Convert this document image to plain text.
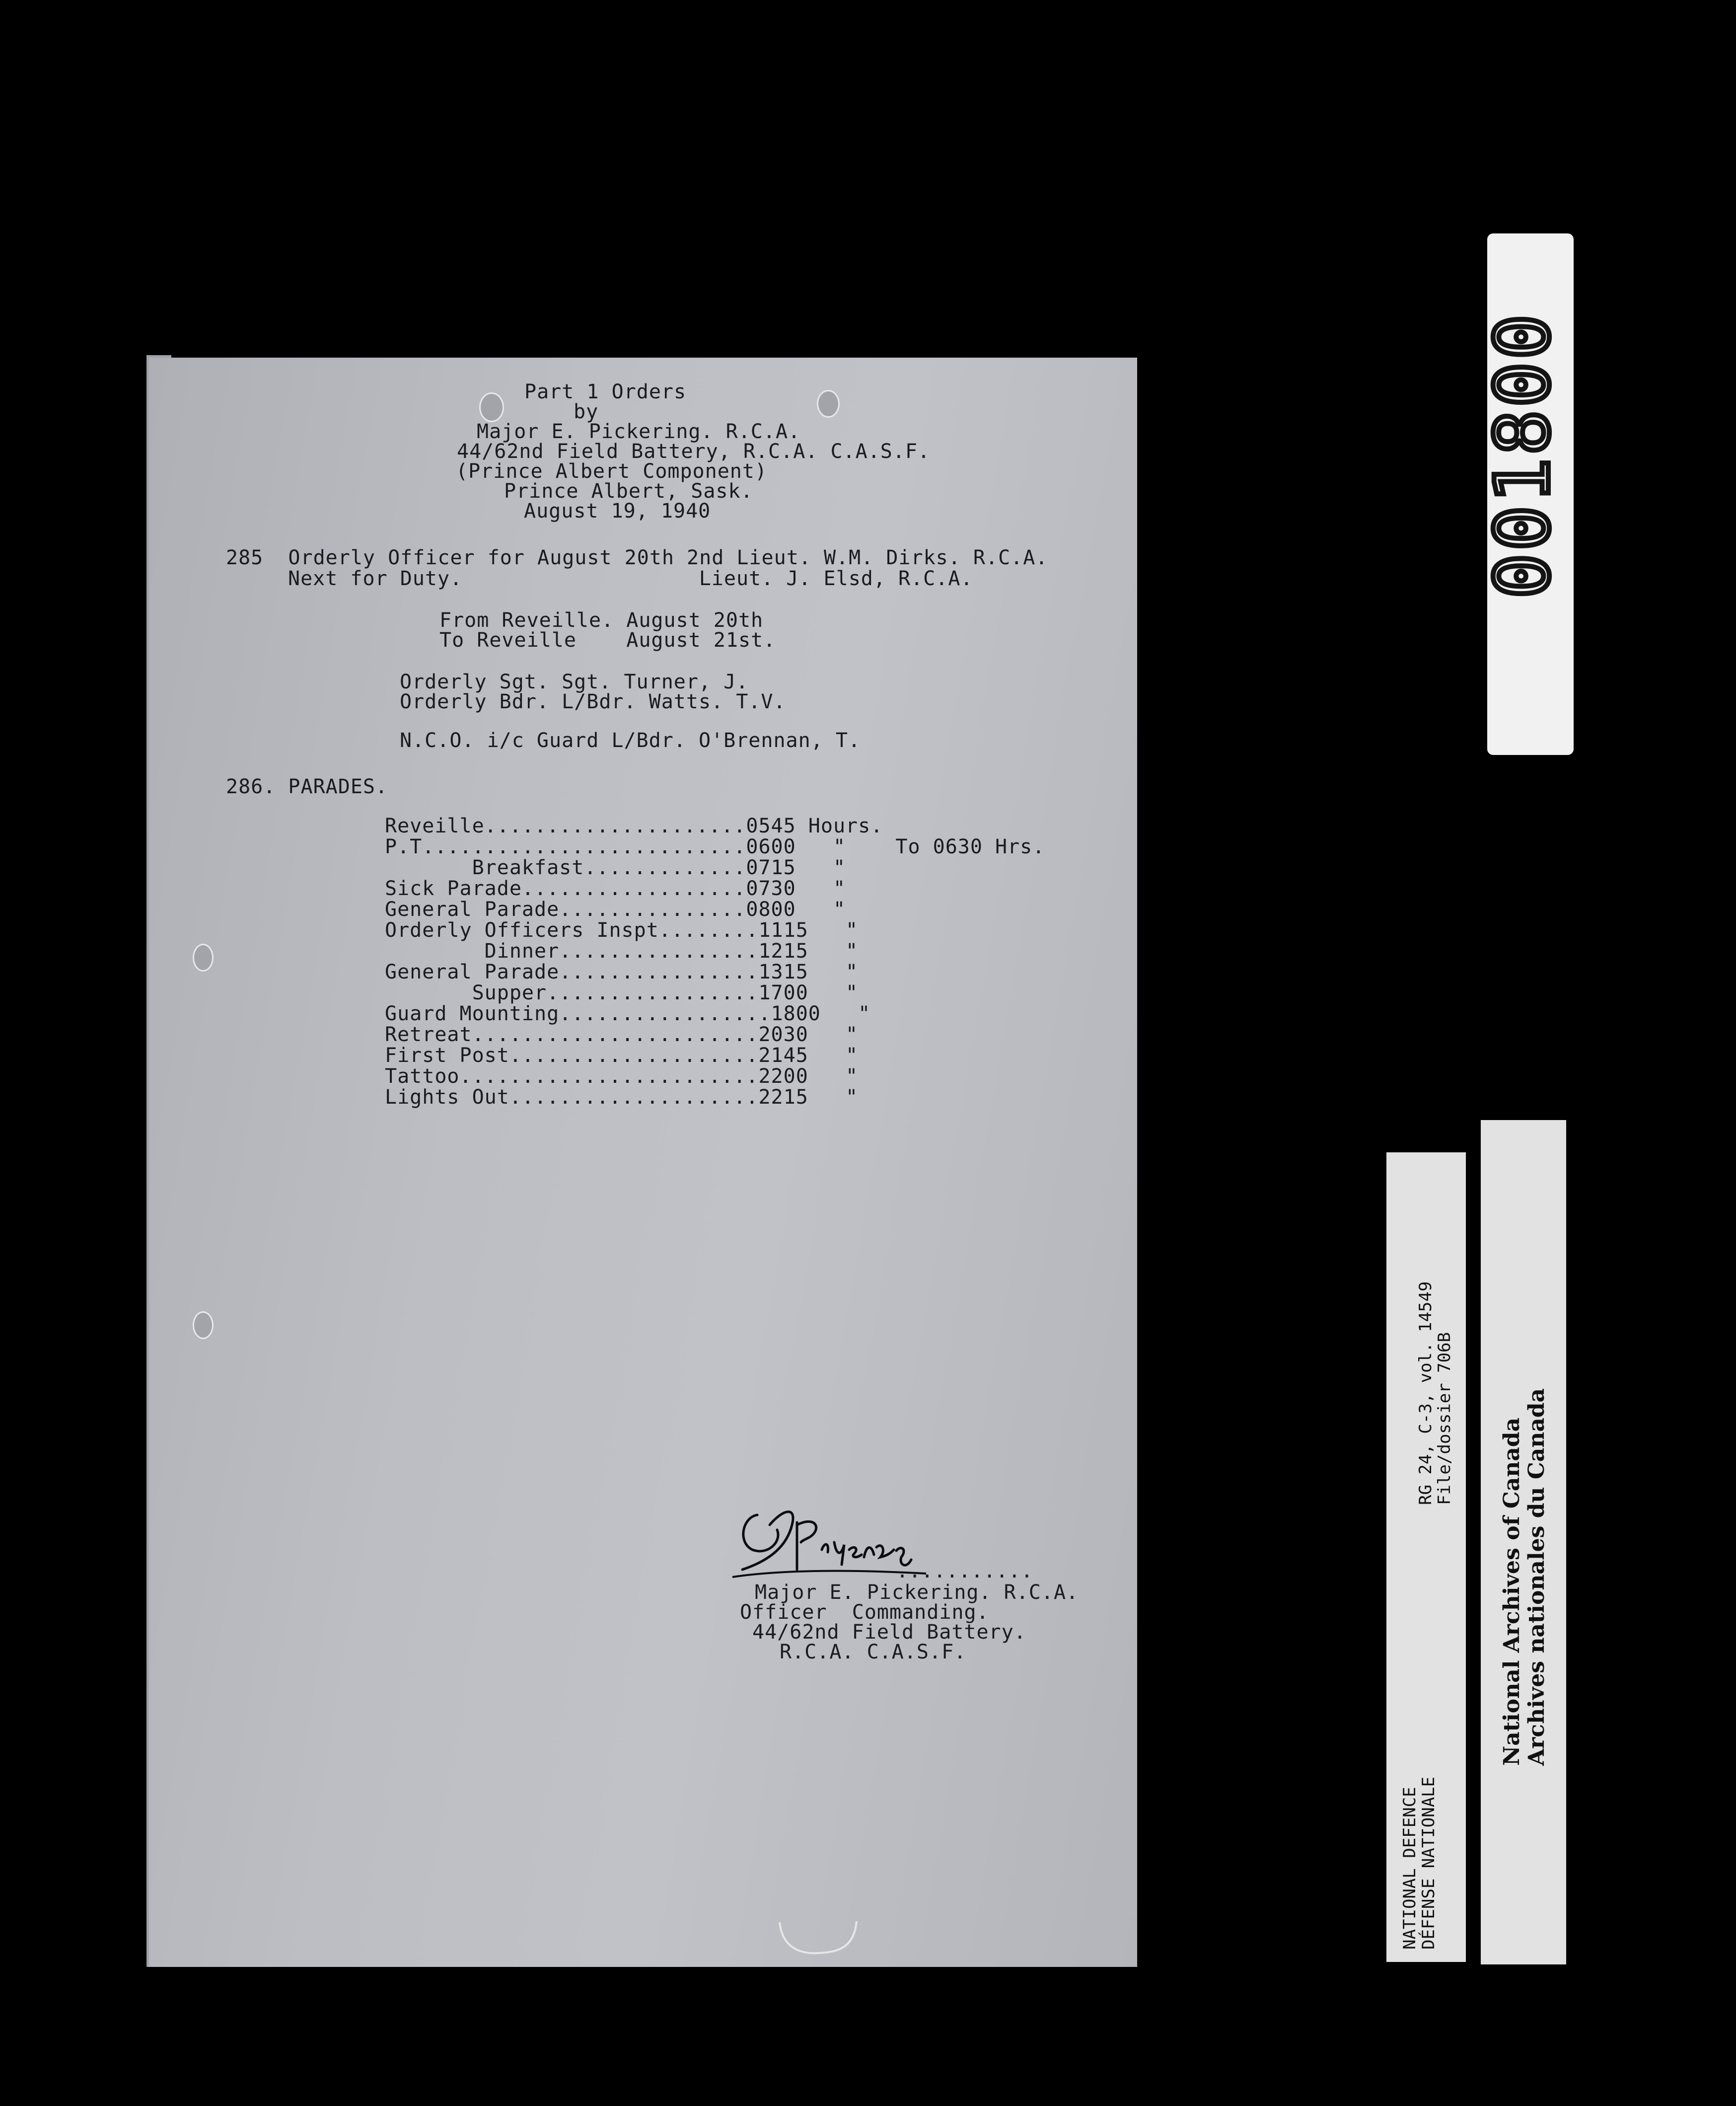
Part 1 Orders
by
Major E. Pickering. R.C.A.
44/62nd Field Battery, R.C.A. C.A.S.F.
(Prince Albert Component)
Prince Albert, Sask.
August 19, 1940
285  Orderly Officer for August 20th 2nd Lieut. W.M. Dirks. R.C.A.
Next for Duty.                   Lieut. J. Elsd, R.C.A.
From Reveille. August 20th
To Reveille    August 21st.
Orderly Sgt. Sgt. Turner, J.
Orderly Bdr. L/Bdr. Watts. T.V.
N.C.O. i/c Guard L/Bdr. O'Brennan, T.
286. PARADES.
Reveille.....................0545 Hours.
P.T..........................0600   "    To 0630 Hrs.
Breakfast.............0715   "
Sick Parade..................0730   "
General Parade...............0800   "
Orderly Officers Inspt........1115   "
Dinner................1215   "
General Parade................1315   "
Supper.................1700   "
Guard Mounting.................1800   "
Retreat.......................2030   "
First Post....................2145   "
Tattoo........................2200   "
Lights Out....................2215   "
...........
Major E. Pickering. R.C.A.
Officer  Commanding.
44/62nd Field Battery.
R.C.A. C.A.S.F.
001800
NATIONAL DEFENCE
DÉFENSE NATIONALE
RG 24, C-3, vol. 14549
File/dossier 706B National Archives of Canada Archives nationales du Canada
